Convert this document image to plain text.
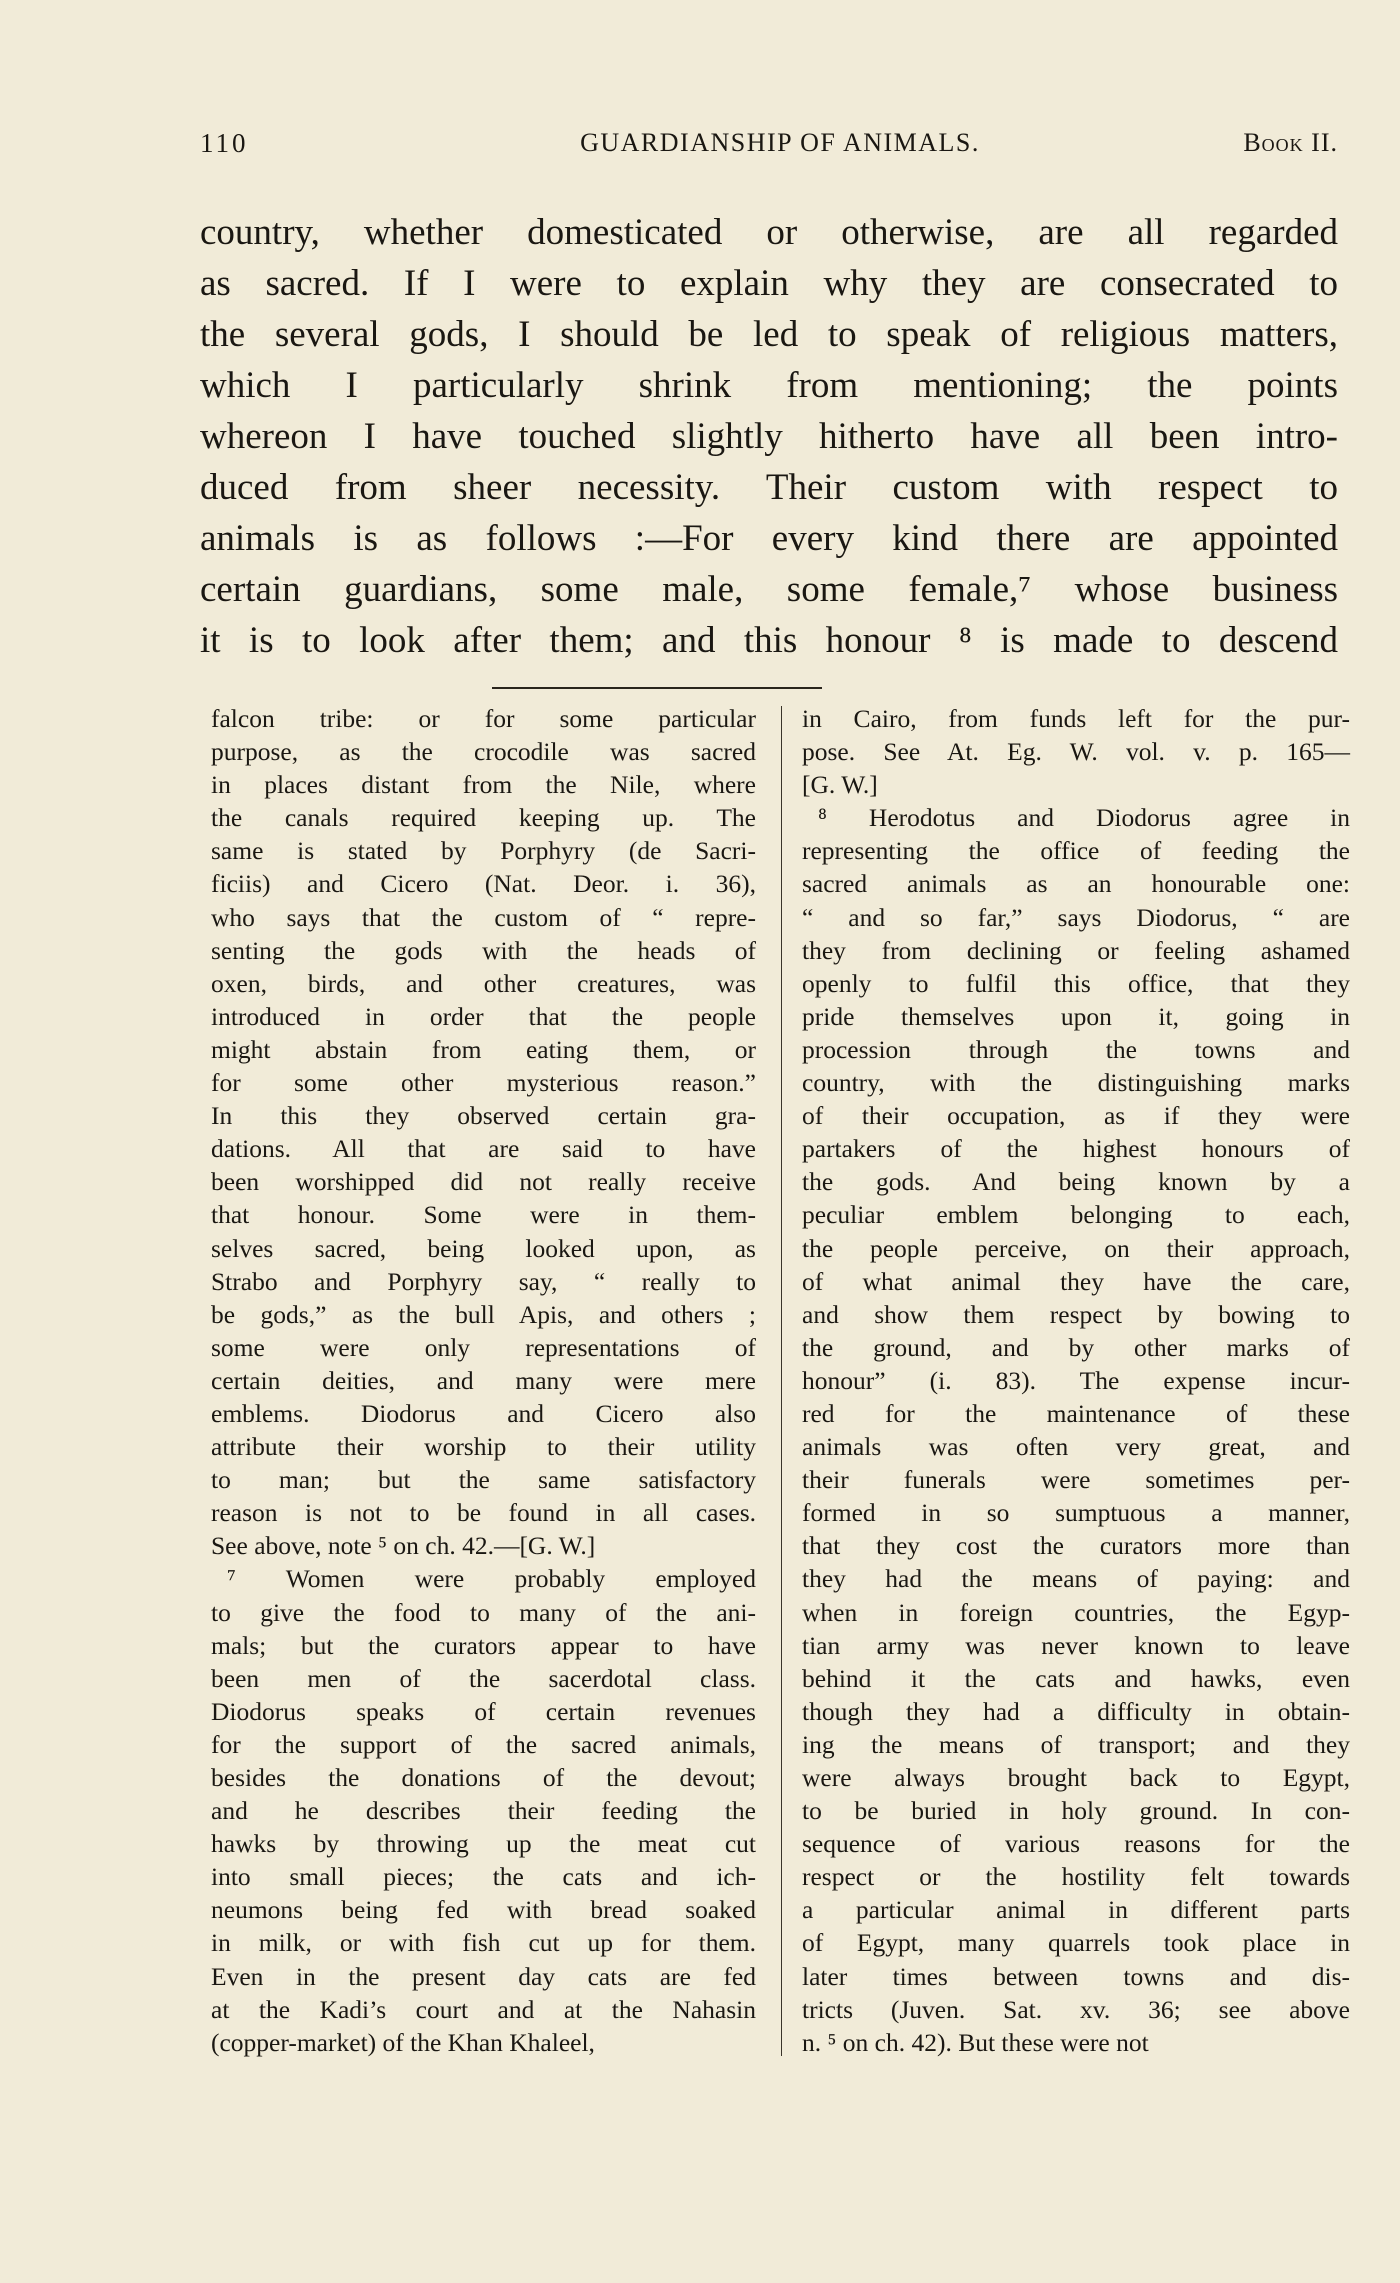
110	GUARDIANSHIP OF ANIMALS.	Book II.
country, whether domesticated or otherwise, are all regarded
as sacred. If I were to explain why they are consecrated to
the several gods, I should be led to speak of religious matters,
which I particularly shrink from mentioning; the points
whereon I have touched slightly hitherto have all been intro-
duced from sheer necessity. Their custom with respect to
animals is as follows :—For every kind there are appointed
certain guardians, some male, some female,⁷ whose business
it is to look after them; and this honour ⁸ is made to descend
falcon tribe: or for some particular
purpose, as the crocodile was sacred
in places distant from the Nile, where
the canals required keeping up. The
same is stated by Porphyry (de Sacri-
ficiis) and Cicero (Nat. Deor. i. 36),
who says that the custom of “ repre-
senting the gods with the heads of
oxen, birds, and other creatures, was
introduced in order that the people
might abstain from eating them, or
for some other mysterious reason.”
In this they observed certain gra-
dations. All that are said to have
been worshipped did not really receive
that honour. Some were in them-
selves sacred, being looked upon, as
Strabo and Porphyry say, “ really to
be gods,” as the bull Apis, and others ;
some were only representations of
certain deities, and many were mere
emblems. Diodorus and Cicero also
attribute their worship to their utility
to man; but the same satisfactory
reason is not to be found in all cases.
See above, note ⁵ on ch. 42.—[G. W.]
⁷ Women were probably employed
to give the food to many of the ani-
mals; but the curators appear to have
been men of the sacerdotal class.
Diodorus speaks of certain revenues
for the support of the sacred animals,
besides the donations of the devout;
and he describes their feeding the
hawks by throwing up the meat cut
into small pieces; the cats and ich-
neumons being fed with bread soaked
in milk, or with fish cut up for them.
Even in the present day cats are fed
at the Kadi’s court and at the Nahasin
(copper-market) of the Khan Khaleel,
in Cairo, from funds left for the pur-
pose. See At. Eg. W. vol. v. p. 165—
[G. W.]
⁸ Herodotus and Diodorus agree in
representing the office of feeding the
sacred animals as an honourable one:
“ and so far,” says Diodorus, “ are
they from declining or feeling ashamed
openly to fulfil this office, that they
pride themselves upon it, going in
procession through the towns and
country, with the distinguishing marks
of their occupation, as if they were
partakers of the highest honours of
the gods. And being known by a
peculiar emblem belonging to each,
the people perceive, on their approach,
of what animal they have the care,
and show them respect by bowing to
the ground, and by other marks of
honour” (i. 83). The expense incur-
red for the maintenance of these
animals was often very great, and
their funerals were sometimes per-
formed in so sumptuous a manner,
that they cost the curators more than
they had the means of paying: and
when in foreign countries, the Egyp-
tian army was never known to leave
behind it the cats and hawks, even
though they had a difficulty in obtain-
ing the means of transport; and they
were always brought back to Egypt,
to be buried in holy ground. In con-
sequence of various reasons for the
respect or the hostility felt towards
a particular animal in different parts
of Egypt, many quarrels took place in
later times between towns and dis-
tricts (Juven. Sat. xv. 36; see above
n. ⁵ on ch. 42). But these were not
